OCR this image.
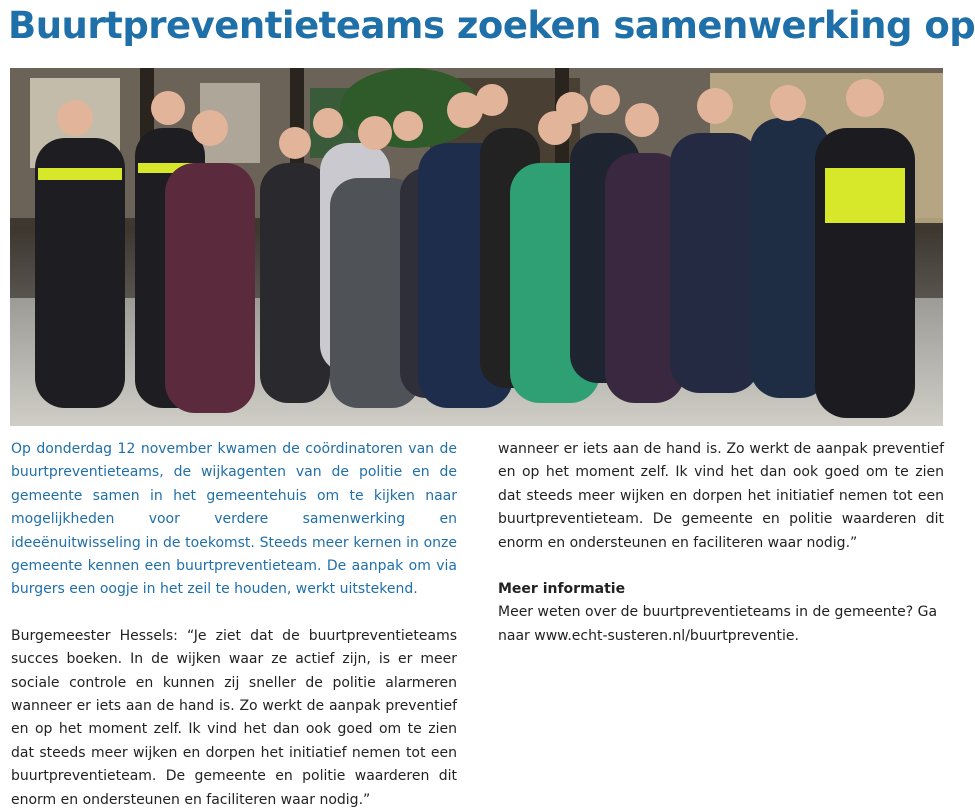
Buurtpreventieteams zoeken samenwerking op

Op donderdag 12 november kwamen de coördinatoren van de buurtpreventieteams, de wijkagenten van de politie en de gemeente samen in het gemeentehuis om te kijken naar mogelijkheden voor verdere samenwerking en ideeënuitwisseling in de toekomst. Steeds meer kernen in onze gemeente kennen een buurtpreventieteam. De aanpak om via burgers een oogje in het zeil te houden, werkt uitstekend.

Burgemeester Hessels: “Je ziet dat de buurtpreventieteams succes boeken. In de wijken waar ze actief zijn, is er meer sociale controle en kunnen zij sneller de politie alarmeren wanneer er iets aan de hand is. Zo werkt de aanpak preventief en op het moment zelf. Ik vind het dan ook goed om te zien dat steeds meer wijken en dorpen het initiatief nemen tot een buurtpreventieteam. De gemeente en politie waarderen dit enorm en ondersteunen en faciliteren waar nodig.”

wanneer er iets aan de hand is. Zo werkt de aanpak preventief en op het moment zelf. Ik vind het dan ook goed om te zien dat steeds meer wijken en dorpen het initiatief nemen tot een buurtpreventieteam. De gemeente en politie waarderen dit enorm en ondersteunen en faciliteren waar nodig.”

Meer informatie

Meer weten over de buurtpreventieteams in de gemeente? Ga naar www.echt-susteren.nl/buurtpreventie.
